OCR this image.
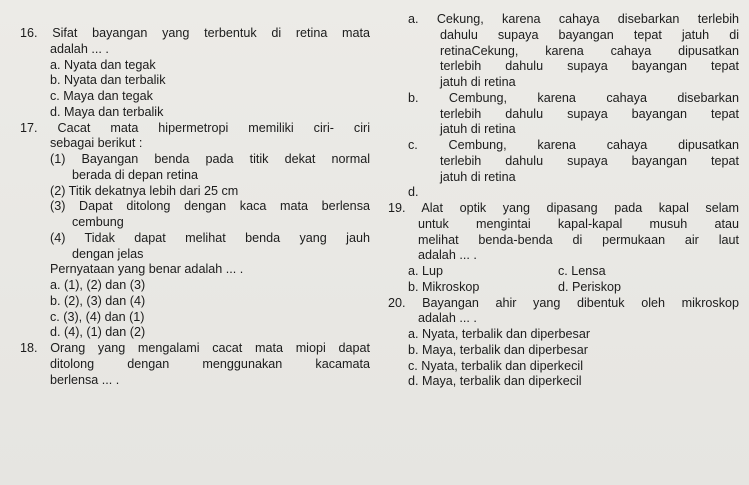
16. Sifat bayangan yang terbentuk di retina mata
adalah ... .
a. Nyata dan tegak
b. Nyata dan terbalik
c. Maya dan tegak
d. Maya dan terbalik
17. Cacat mata hipermetropi memiliki ciri- ciri
sebagai berikut :
(1) Bayangan benda pada titik dekat normal
berada di depan retina
(2) Titik dekatnya lebih dari 25 cm
(3) Dapat ditolong dengan kaca mata berlensa
cembung
(4) Tidak dapat melihat benda yang jauh
dengan jelas
Pernyataan yang benar adalah ... .
a. (1), (2) dan (3)
b. (2), (3) dan (4)
c. (3), (4) dan (1)
d. (4), (1) dan (2)
18. Orang yang mengalami cacat mata miopi dapat
ditolong dengan menggunakan kacamata
berlensa ... .
a. Cekung, karena cahaya disebarkan terlebih
dahulu supaya bayangan tepat jatuh di
retinaCekung, karena cahaya dipusatkan
terlebih dahulu supaya bayangan tepat
jatuh di retina
b. Cembung, karena cahaya disebarkan
terlebih dahulu supaya bayangan tepat
jatuh di retina
c. Cembung, karena cahaya dipusatkan
terlebih dahulu supaya bayangan tepat
jatuh di retina
d.
19. Alat optik yang dipasang pada kapal selam
untuk mengintai kapal-kapal musuh atau
melihat benda-benda di permukaan air laut
adalah ... .
a. Lup	c. Lensa
b. Mikroskop	d. Periskop
20. Bayangan ahir yang dibentuk oleh mikroskop
adalah ... .
a. Nyata, terbalik dan diperbesar
b. Maya, terbalik dan diperbesar
c. Nyata, terbalik dan diperkecil
d. Maya, terbalik dan diperkecil
